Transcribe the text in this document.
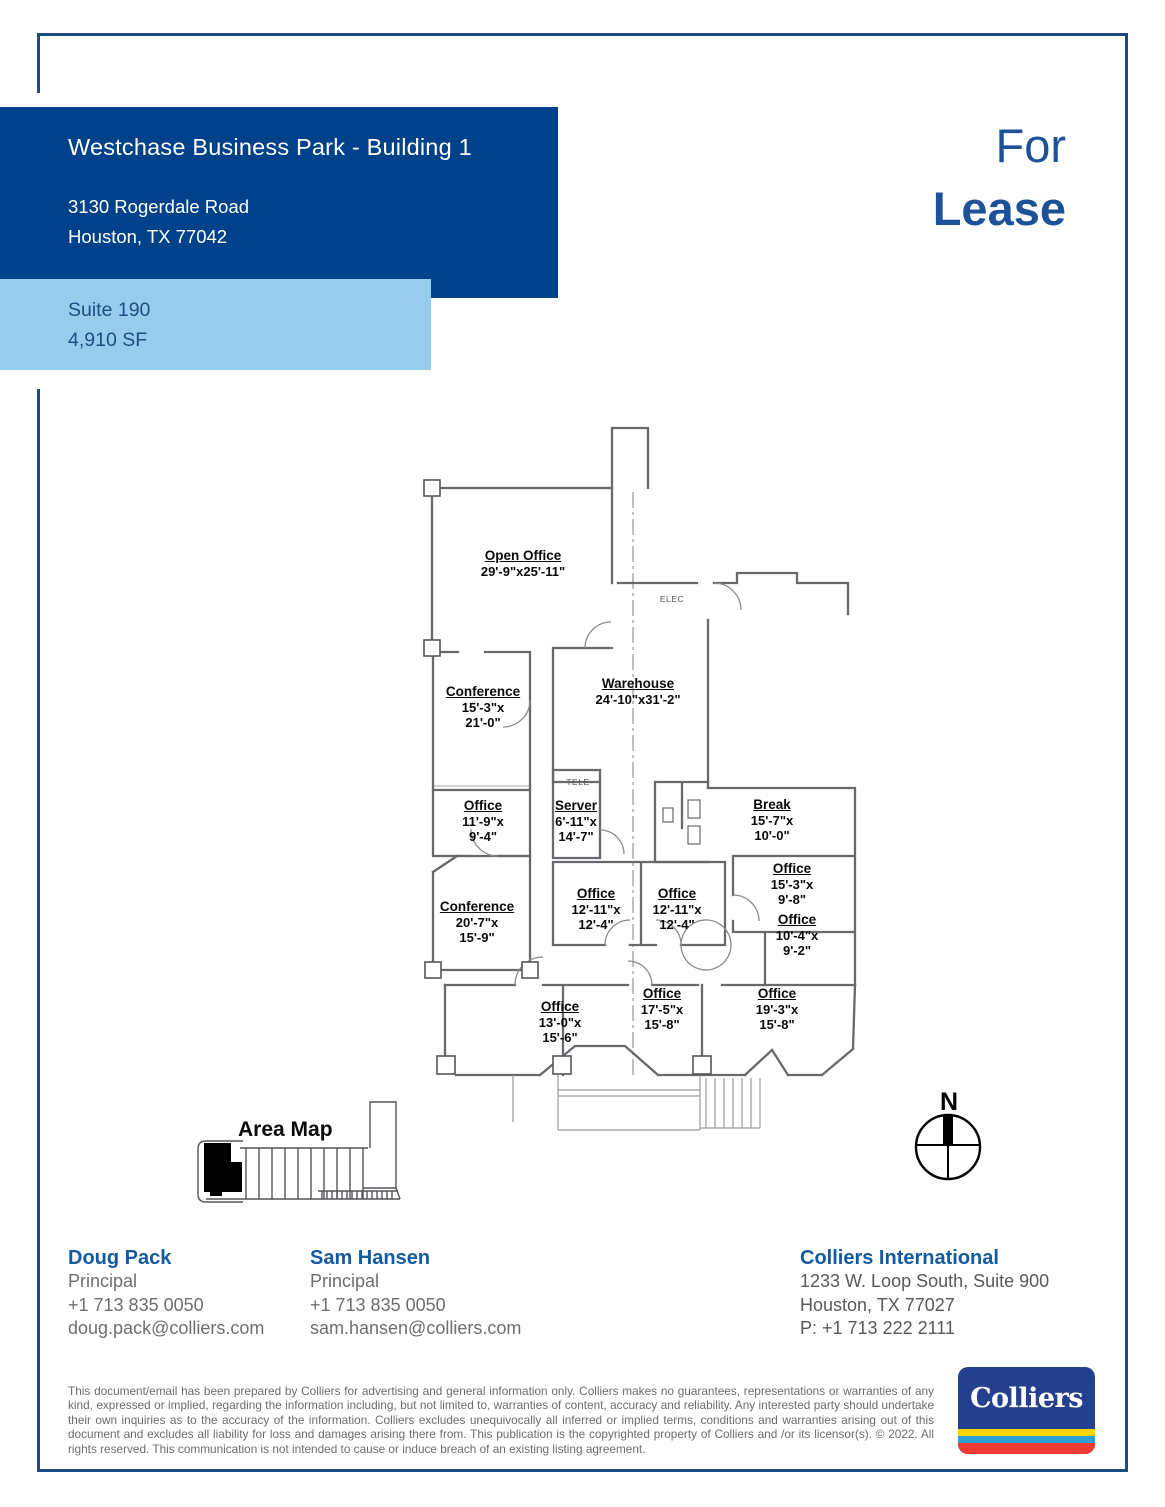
Westchase Business Park - Building 1
3130 Rogerdale Road
Houston, TX 77042
Suite 190
4,910 SF
For
Lease
Open Office
29'-9"x25'-11"
Warehouse
24'-10"x31'-2"
Conference
15'-3"x
21'-0"
Office
11'-9"x
9'-4"
Server
6'-11"x
14'-7"
Break
15'-7"x
10'-0"
Office
15'-3"x
9'-8"
Office
10'-4"x
9'-2"
Conference
20'-7"x
15'-9"
Office
12'-11"x
12'-4"
Office
12'-11"x
12'-4"
Office
13'-0"x
15'-6"
Office
17'-5"x
15'-8"
Office
19'-3"x
15'-8"
ELEC
TELE
Area Map
N
Doug Pack
Principal
+1 713 835 0050
doug.pack@colliers.com
Sam Hansen
Principal
+1 713 835 0050
sam.hansen@colliers.com
Colliers International
1233 W. Loop South, Suite 900
Houston, TX 77027
P: +1 713 222 2111
This document/email has been prepared by Colliers for advertising and general information only. Colliers makes no guarantees, representations or warranties of any kind, expressed or implied, regarding the information including, but not limited to, warranties of content, accuracy and reliability. Any interested party should undertake their own inquiries as to the accuracy of the information. Colliers excludes unequivocally all inferred or implied terms, conditions and warranties arising out of this document and excludes all liability for loss and damages arising there from. This publication is the copyrighted property of Colliers and /or its licensor(s). © 2022. All rights reserved. This communication is not intended to cause or induce breach of an existing listing agreement.
Colliers
